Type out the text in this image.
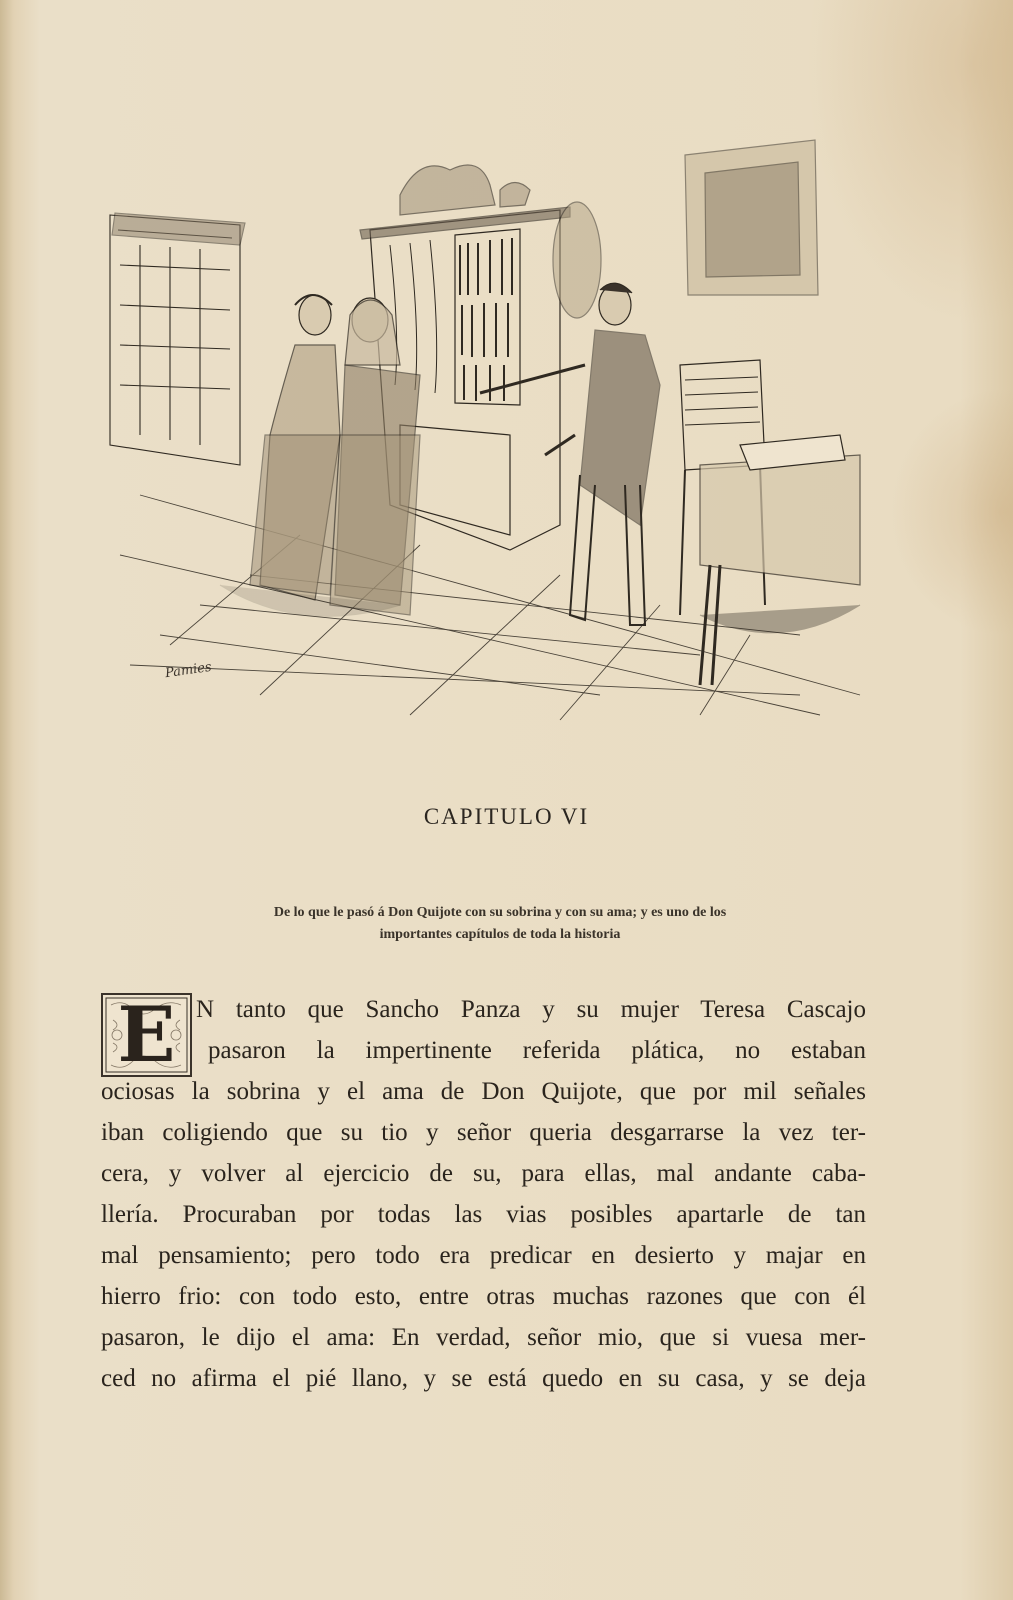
Pamies
CAPITULO VI
De lo que le pasó á Don Quijote con su sobrina y con su ama; y es uno de los
importantes capítulos de toda la historia
E N tanto que Sancho Panza y su mujer Teresa Cascajo
pasaron la impertinente referida plática, no estaban
ociosas la sobrina y el ama de Don Quijote, que por mil señales
iban coligiendo que su tio y señor queria desgarrarse la vez ter-
cera, y volver al ejercicio de su, para ellas, mal andante caba-
llería. Procuraban por todas las vias posibles apartarle de tan
mal pensamiento; pero todo era predicar en desierto y majar en
hierro frio: con todo esto, entre otras muchas razones que con él
pasaron, le dijo el ama: En verdad, señor mio, que si vuesa mer-
ced no afirma el pié llano, y se está quedo en su casa, y se deja
